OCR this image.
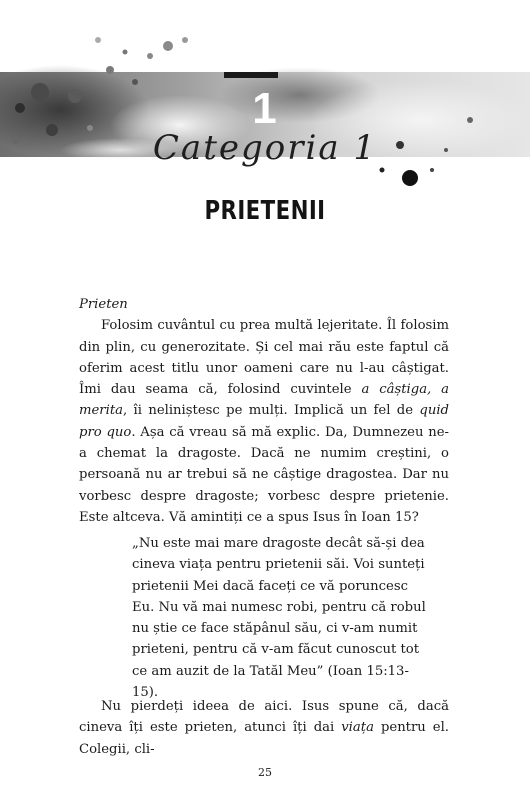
1
Categoria 1
PRIETENII

Prieten

Folosim cuvântul cu prea multă lejeritate. Îl folosim din plin, cu generozitate. Și cel mai rău este faptul că oferim acest titlu unor oameni care nu l-au câștigat. Îmi dau seama că, folosind cuvintele a câștiga, a merita, îi neliniștesc pe mulți. Implică un fel de quid pro quo. Așa că vreau să mă explic. Da, Dumnezeu ne-a chemat la dragoste. Dacă ne numim creștini, o persoană nu ar trebui să ne câștige dragostea. Dar nu vorbesc despre dragoste; vorbesc despre prietenie. Este altceva. Vă amintiți ce a spus Isus în Ioan 15?

„Nu este mai mare dragoste decât să-și dea cineva viața pentru prietenii săi. Voi sunteți prietenii Mei dacă faceți ce vă poruncesc Eu. Nu vă mai numesc robi, pentru că robul nu știe ce face stăpânul său, ci v-am numit prieteni, pentru că v-am făcut cunoscut tot ce am auzit de la Tatăl Meu” (Ioan 15:13-15).
Nu pierdeți ideea de aici. Isus spune că, dacă cineva îți este prieten, atunci îți dai viața pentru el. Colegii, cli-
25
